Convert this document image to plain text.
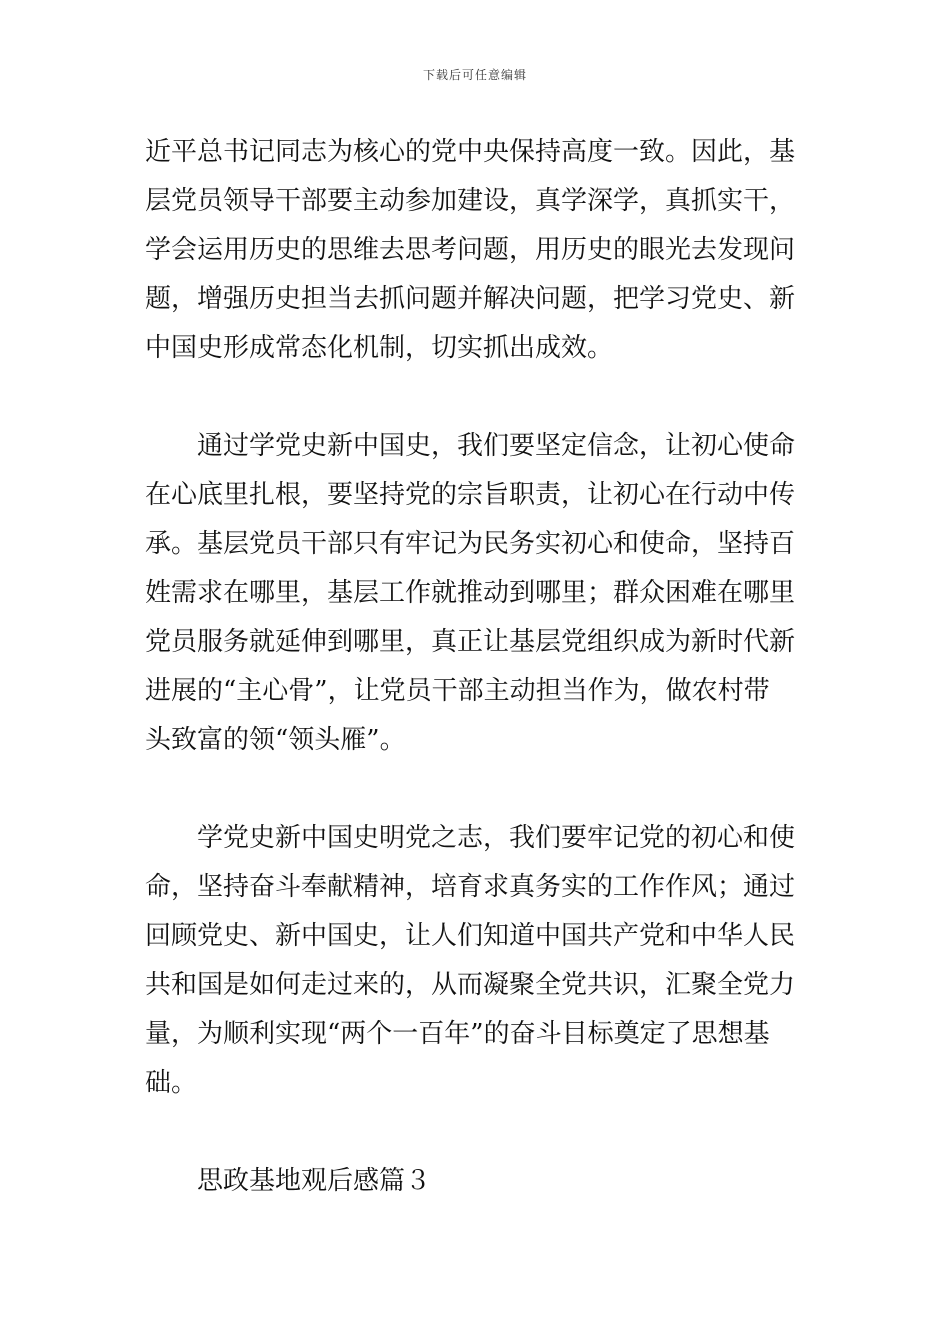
下载后可任意编辑
近平总书记同志为核心的党中央保持高度一致。因此，基
层党员领导干部要主动参加建设，真学深学，真抓实干，
学会运用历史的思维去思考问题，用历史的眼光去发现问
题，增强历史担当去抓问题并解决问题，把学习党史、新
中国史形成常态化机制，切实抓出成效。
通过学党史新中国史，我们要坚定信念，让初心使命
在心底里扎根，要坚持党的宗旨职责，让初心在行动中传
承。基层党员干部只有牢记为民务实初心和使命，坚持百
姓需求在哪里，基层工作就推动到哪里；群众困难在哪里
党员服务就延伸到哪里，真正让基层党组织成为新时代新
进展的“主心骨”，让党员干部主动担当作为，做农村带
头致富的领“领头雁”。
学党史新中国史明党之志，我们要牢记党的初心和使
命，坚持奋斗奉献精神，培育求真务实的工作作风；通过
回顾党史、新中国史，让人们知道中国共产党和中华人民
共和国是如何走过来的，从而凝聚全党共识，汇聚全党力
量，为顺利实现“两个一百年”的奋斗目标奠定了思想基
础。
思政基地观后感篇３
